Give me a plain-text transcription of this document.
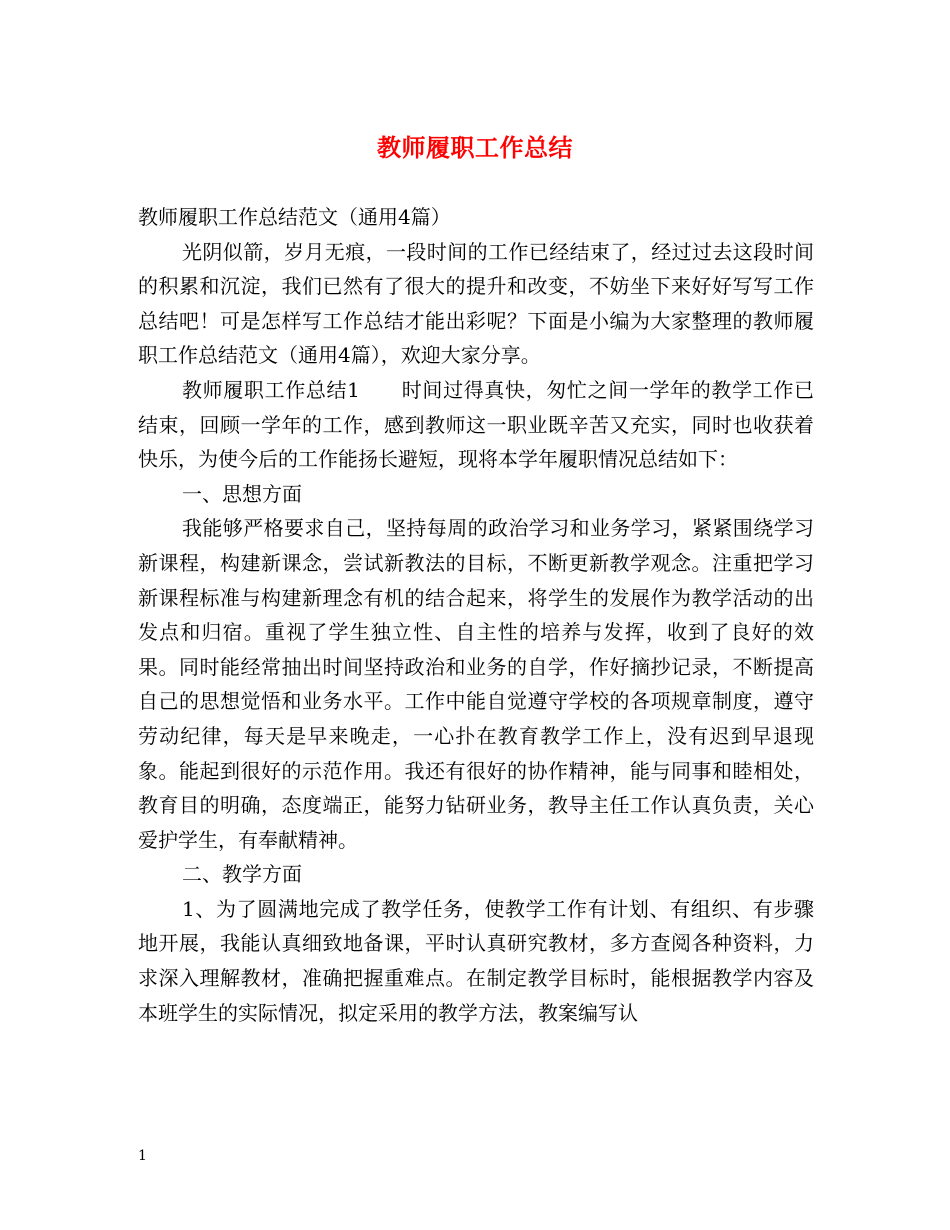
教师履职工作总结

教师履职工作总结范文（通用4篇）

光阴似箭，岁月无痕，一段时间的工作已经结束了，经过过去这段时间的积累和沉淀，我们已然有了很大的提升和改变，不妨坐下来好好写写工作总结吧！可是怎样写工作总结才能出彩呢？下面是小编为大家整理的教师履职工作总结范文（通用4篇），欢迎大家分享。

教师履职工作总结1　　时间过得真快，匆忙之间一学年的教学工作已结束，回顾一学年的工作，感到教师这一职业既辛苦又充实，同时也收获着快乐，为使今后的工作能扬长避短，现将本学年履职情况总结如下：

一、思想方面

我能够严格要求自己，坚持每周的政治学习和业务学习，紧紧围绕学习新课程，构建新课念，尝试新教法的目标，不断更新教学观念。注重把学习新课程标准与构建新理念有机的结合起来，将学生的发展作为教学活动的出发点和归宿。重视了学生独立性、自主性的培养与发挥，收到了良好的效果。同时能经常抽出时间坚持政治和业务的自学，作好摘抄记录，不断提高自己的思想觉悟和业务水平。工作中能自觉遵守学校的各项规章制度，遵守劳动纪律，每天是早来晚走，一心扑在教育教学工作上，没有迟到早退现象。能起到很好的示范作用。我还有很好的协作精神，能与同事和睦相处，教育目的明确，态度端正，能努力钻研业务，教导主任工作认真负责，关心爱护学生，有奉献精神。

二、教学方面

1、为了圆满地完成了教学任务，使教学工作有计划、有组织、有步骤地开展，我能认真细致地备课，平时认真研究教材，多方查阅各种资料，力求深入理解教材，准确把握重难点。在制定教学目标时，能根据教学内容及本班学生的实际情况，拟定采用的教学方法，教案编写认

1
